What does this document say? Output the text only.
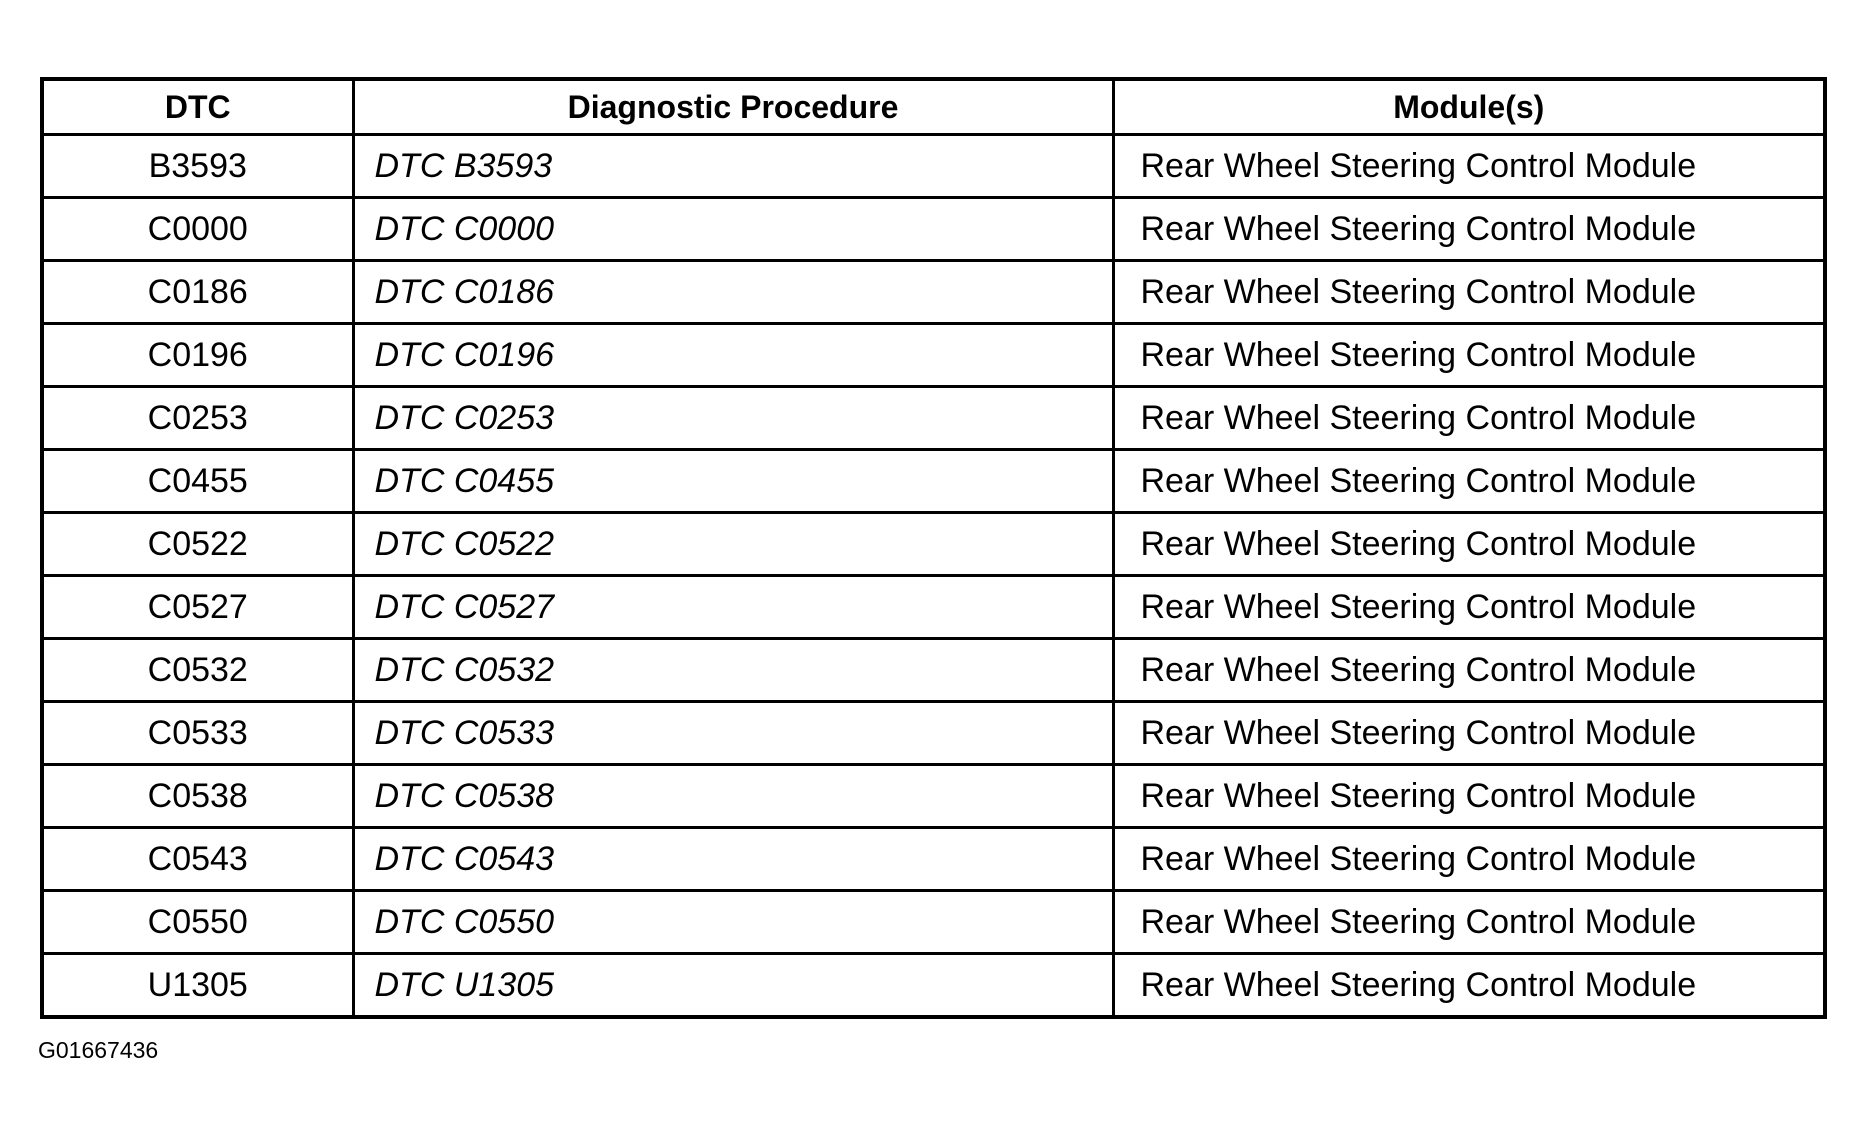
DTC	Diagnostic Procedure	Module(s)
B3593	DTC B3593	Rear Wheel Steering Control Module
C0000	DTC C0000	Rear Wheel Steering Control Module
C0186	DTC C0186	Rear Wheel Steering Control Module
C0196	DTC C0196	Rear Wheel Steering Control Module
C0253	DTC C0253	Rear Wheel Steering Control Module
C0455	DTC C0455	Rear Wheel Steering Control Module
C0522	DTC C0522	Rear Wheel Steering Control Module
C0527	DTC C0527	Rear Wheel Steering Control Module
C0532	DTC C0532	Rear Wheel Steering Control Module
C0533	DTC C0533	Rear Wheel Steering Control Module
C0538	DTC C0538	Rear Wheel Steering Control Module
C0543	DTC C0543	Rear Wheel Steering Control Module
C0550	DTC C0550	Rear Wheel Steering Control Module
U1305	DTC U1305	Rear Wheel Steering Control Module
G01667436
